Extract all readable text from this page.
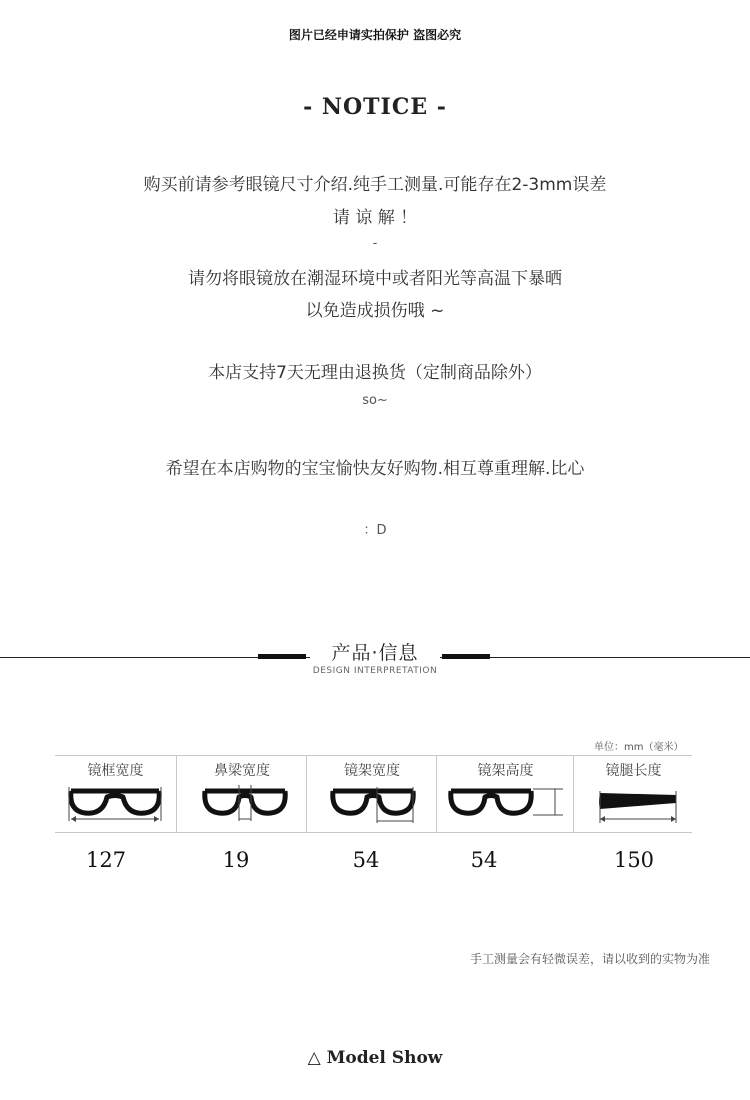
图片已经申请实拍保护 盗图必究
- NOTICE -
购买前请参考眼镜尺寸介绍.纯手工测量.可能存在2-3mm误差
请 谅 解 ！
-
请勿将眼镜放在潮湿环境中或者阳光等高温下暴晒
以免造成损伤哦 ~
本店支持7天无理由退换货（定制商品除外）
so~
希望在本店购物的宝宝愉快友好购物.相互尊重理解.比心
：D
产品·信息
DESIGN INTERPRETATION
单位：mm（毫米）
镜框宽度	鼻梁宽度	镜架宽度	镜架高度	镜腿长度
127	19	54	54	150
手工测量会有轻微误差，请以收到的实物为准
△ Model Show
